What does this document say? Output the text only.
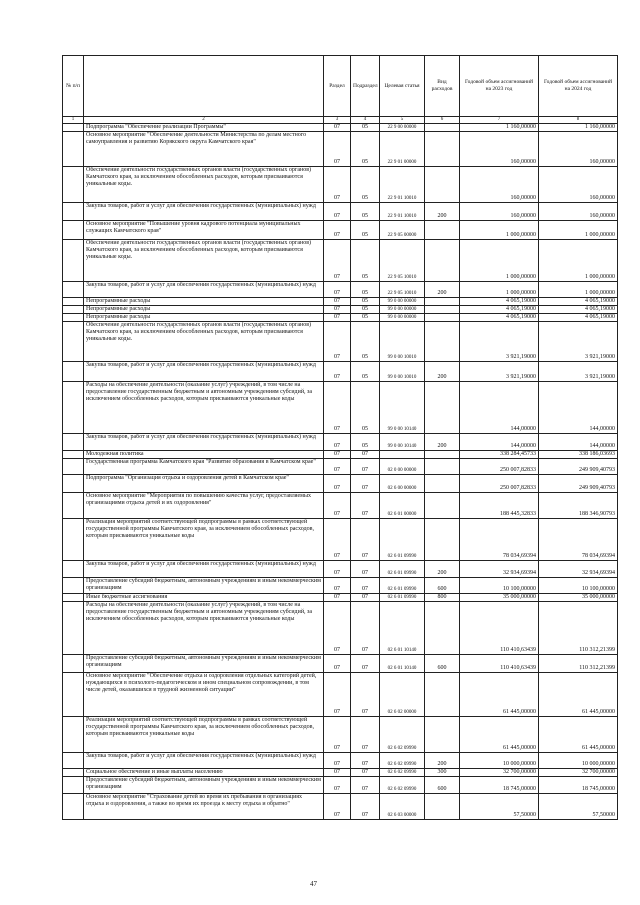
№ п/п		Раздел	Подраздел	Целевая статья	Вид расходов	Годовой объем ассигнований на 2023 год	Годовой объем ассигнований на 2024 год
1	2	3	4	5	6	7	8
	Подпрограмма "Обеспечение реализации Программы"	07	05	22 9 00 00000		1 160,00000	1 160,00000
	Основное мероприятие "Обеспечение деятельности Министерства по делам местного самоуправления и развитию Корякского округа Камчатского края"	07	05	22 9 01 00000		160,00000	160,00000
	Обеспечение деятельности государственных органов власти (государственных органов) Камчатского края, за исключением обособленных расходов, которым присваиваются уникальные коды.	07	05	22 9 01 10010		160,00000	160,00000
	Закупка товаров, работ и услуг для обеспечения государственных (муниципальных) нужд	07	05	22 9 01 10010	200	160,00000	160,00000
	Основное мероприятие "Повышение уровня кадрового потенциала муниципальных служащих Камчатского края"	07	05	22 9 05 00000		1 000,00000	1 000,00000
	Обеспечение деятельности государственных органов власти (государственных органов) Камчатского края, за исключением обособленных расходов, которым присваиваются уникальные коды.	07	05	22 9 05 10010		1 000,00000	1 000,00000
	Закупка товаров, работ и услуг для обеспечения государственных (муниципальных) нужд	07	05	22 9 05 10010	200	1 000,00000	1 000,00000
	Непрограммные расходы	07	05	99 0 00 00000		4 065,19000	4 065,19000
	Непрограммные расходы	07	05	99 0 00 00000		4 065,19000	4 065,19000
	Непрограммные расходы	07	05	99 0 00 00000		4 065,19000	4 065,19000
	Обеспечение деятельности государственных органов власти (государственных органов) Камчатского края, за исключением обособленных расходов, которым присваиваются уникальные коды.	07	05	99 0 00 10010		3 921,19000	3 921,19000
	Закупка товаров, работ и услуг для обеспечения государственных (муниципальных) нужд	07	05	99 0 00 10010	200	3 921,19000	3 921,19000
	Расходы на обеспечение деятельности (оказание услуг) учреждений, в том числе на предоставление государственным бюджетным и автономным учреждениям субсидий, за исключением обособленных расходов, которым присваиваются уникальные коды	07	05	99 0 00 10140		144,00000	144,00000
	Закупка товаров, работ и услуг для обеспечения государственных (муниципальных) нужд	07	05	99 0 00 10140	200	144,00000	144,00000
	Молодежная политика	07	07			338 284,45733	338 186,03693
	Государственная программа Камчатского края "Развитие образования в Камчатском крае"	07	07	02 0 00 00000		250 007,82833	249 909,40793
	Подпрограмма "Организация отдыха и оздоровления детей в Камчатском крае"	07	07	02 6 00 00000		250 007,82833	249 909,40793
	Основное мероприятие "Мероприятия по повышению качества услуг, предоставляемых организациями отдыха детей и их оздоровления"	07	07	02 6 01 00000		188 445,32833	188 346,90793
	Реализация мероприятий соответствующей подпрограммы в рамках соответствующей государственной программы Камчатского края, за исключением обособленных расходов, которым присваиваются уникальные коды	07	07	02 6 01 09990		78 034,69394	78 034,69394
	Закупка товаров, работ и услуг для обеспечения государственных (муниципальных) нужд	07	07	02 6 01 09990	200	32 934,69394	32 934,69394
	Предоставление субсидий бюджетным, автономным учреждениям и иным некоммерческим организациям	07	07	02 6 01 09990	600	10 100,00000	10 100,00000
	Иные бюджетные ассигнования	07	07	02 6 01 09990	800	35 000,00000	35 000,00000
	Расходы на обеспечение деятельности (оказание услуг) учреждений, в том числе на предоставление государственным бюджетным и автономным учреждениям субсидий, за исключением обособленных расходов, которым присваиваются уникальные коды	07	07	02 6 01 10140		110 410,63439	110 312,21399
	Предоставление субсидий бюджетным, автономным учреждениям и иным некоммерческим организациям	07	07	02 6 01 10140	600	110 410,63439	110 312,21399
	Основное мероприятие "Обеспечение отдыха и оздоровления отдельных категорий детей, нуждающихся в психолого-педагогическом и ином специальном сопровождении, в том числе детей, оказавшихся в трудной жизненной ситуации"	07	07	02 6 02 00000		61 445,00000	61 445,00000
	Реализация мероприятий соответствующей подпрограммы в рамках соответствующей государственной программы Камчатского края, за исключением обособленных расходов, которым присваиваются уникальные коды	07	07	02 6 02 09990		61 445,00000	61 445,00000
	Закупка товаров, работ и услуг для обеспечения государственных (муниципальных) нужд	07	07	02 6 02 09990	200	10 000,00000	10 000,00000
	Социальное обеспечение и иные выплаты населению	07	07	02 6 02 09990	300	32 700,00000	32 700,00000
	Предоставление субсидий бюджетным, автономным учреждениям и иным некоммерческим организациям	07	07	02 6 02 09990	600	18 745,00000	18 745,00000
	Основное мероприятие "Страхование детей во время их пребывания в организациях отдыха и оздоровления, а также во время их проезда к месту отдыха и обратно"	07	07	02 6 03 00000		57,50000	57,50000
47
